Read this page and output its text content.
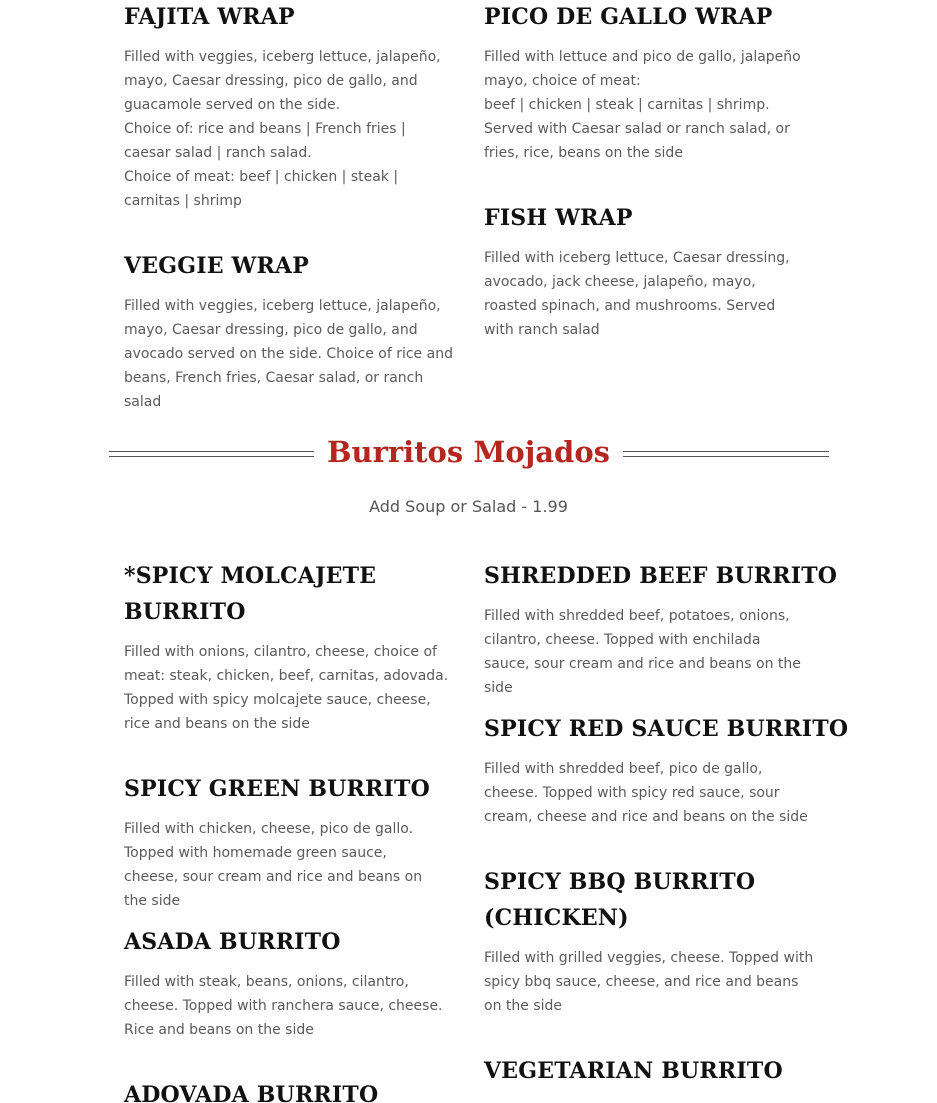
FAJITA WRAP

Filled with veggies, iceberg lettuce, jalapeño, mayo, Caesar dressing, pico de gallo, and guacamole served on the side.

Choice of: rice and beans | French fries | caesar salad | ranch salad.

Choice of meat: beef | chicken | steak | carnitas | shrimp

PICO DE GALLO WRAP

Filled with lettuce and pico de gallo, jalapeño mayo, choice of meat:

beef | chicken | steak | carnitas | shrimp.

Served with Caesar salad or ranch salad, or fries, rice, beans on the side

FISH WRAP
Filled with iceberg lettuce, Caesar dressing, avocado, jack cheese, jalapeño, mayo, roasted spinach, and mushrooms. Served with ranch salad
VEGGIE WRAP
Filled with veggies, iceberg lettuce, jalapeño, mayo, Caesar dressing, pico de gallo, and avocado served on the side. Choice of rice and beans, French fries, Caesar salad, or ranch salad
Burritos Mojados
Add Soup or Salad - 1.99
*SPICY MOLCAJETE BURRITO
Filled with onions, cilantro, cheese, choice of meat: steak, chicken, beef, carnitas, adovada. Topped with spicy molcajete sauce, cheese, rice and beans on the side
SPICY GREEN BURRITO
Filled with chicken, cheese, pico de gallo. Topped with homemade green sauce, cheese, sour cream and rice and beans on the side
ASADA BURRITO
Filled with steak, beans, onions, cilantro, cheese. Topped with ranchera sauce, cheese. Rice and beans on the side
ADOVADA BURRITO
SHREDDED BEEF BURRITO
Filled with shredded beef, potatoes, onions, cilantro, cheese. Topped with enchilada sauce, sour cream and rice and beans on the side
SPICY RED SAUCE BURRITO
Filled with shredded beef, pico de gallo, cheese. Topped with spicy red sauce, sour cream, cheese and rice and beans on the side
SPICY BBQ BURRITO (CHICKEN)
Filled with grilled veggies, cheese. Topped with spicy bbq sauce, cheese, and rice and beans on the side
VEGETARIAN BURRITO
